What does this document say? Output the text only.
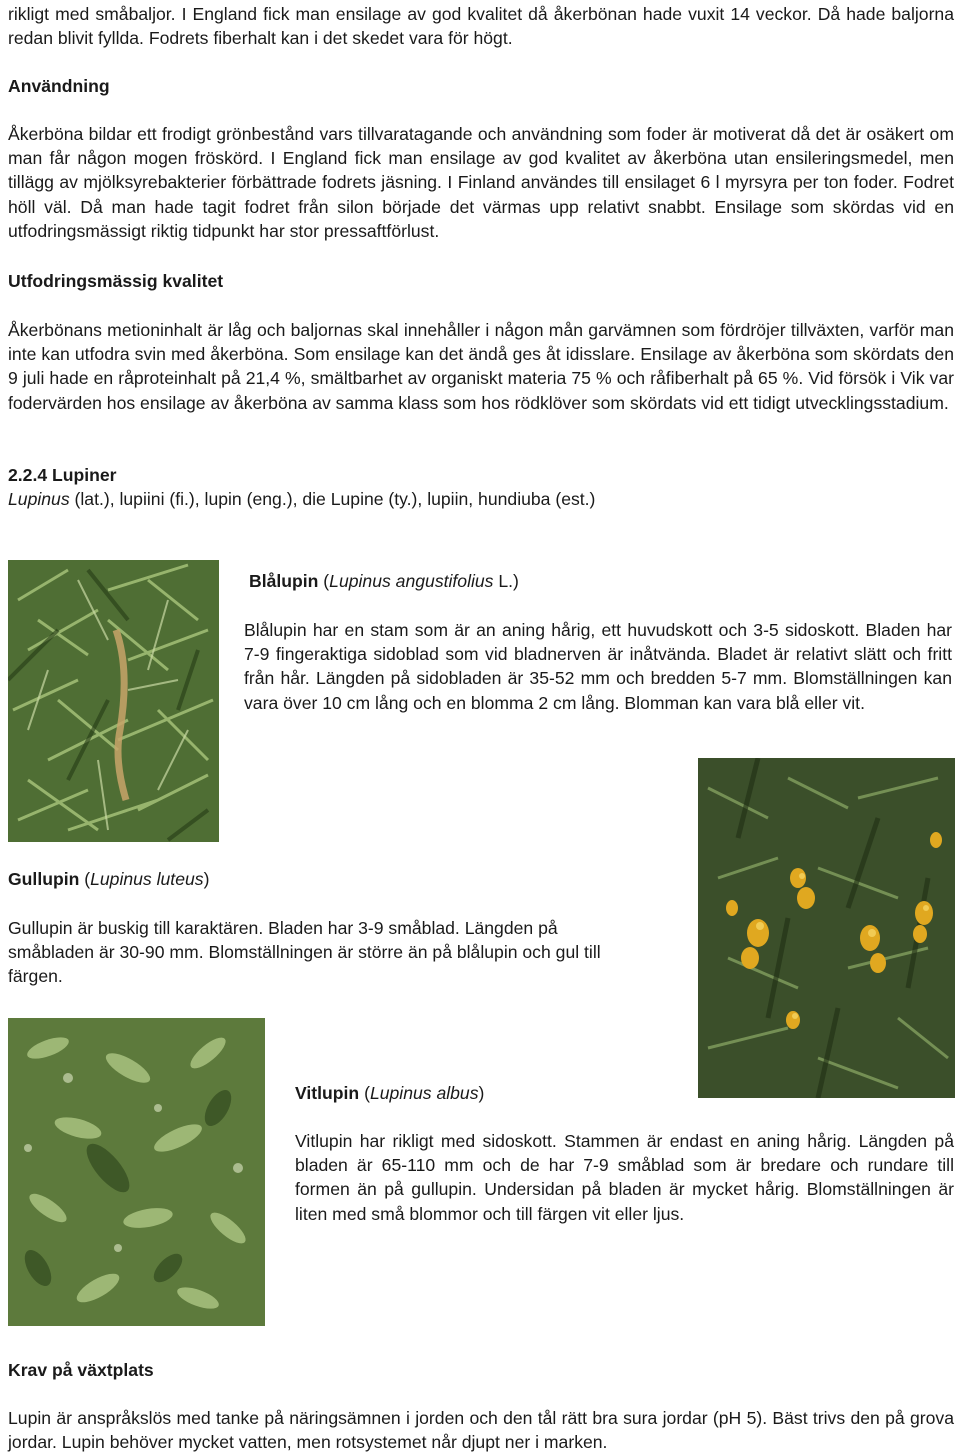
rikligt med småbaljor. I England fick man ensilage av god kvalitet då åkerbönan hade vuxit 14 veckor. Då hade baljorna redan blivit fyllda. Fodrets fiberhalt kan i det skedet vara för högt.

Användning

Åkerböna bildar ett frodigt grönbestånd vars tillvaratagande och användning som foder är motiverat då det är osäkert om man får någon mogen fröskörd. I England fick man ensilage av god kvalitet av åkerböna utan ensileringsmedel, men tillägg av mjölksyrebakterier förbättrade fodrets jäsning. I Finland användes till ensilaget 6 l myrsyra per ton foder. Fodret höll väl. Då man hade tagit fodret från silon började det värmas upp relativt snabbt. Ensilage som skördas vid en utfodringsmässigt riktig tidpunkt har stor pressaftförlust.

Utfodringsmässig kvalitet

Åkerbönans metioninhalt är låg och baljornas skal innehåller i någon mån garvämnen som fördröjer tillväxten, varför man inte kan utfodra svin med åkerböna. Som ensilage kan det ändå ges åt idisslare. Ensilage av åkerböna som skördats den 9 juli hade en råproteinhalt på 21,4 %, smältbarhet av organiskt materia 75 % och råfiberhalt på 65 %. Vid försök i Vik var fodervärden hos ensilage av åkerböna av samma klass som hos rödklöver som skördats vid ett tidigt utvecklingsstadium.

2.2.4 Lupiner

Lupinus (lat.), lupiini (fi.), lupin (eng.), die Lupine (ty.), lupiin, hundiuba (est.)

Blålupin (Lupinus angustifolius L.)

Blålupin har en stam som är an aning hårig, ett huvudskott och 3-5 sidoskott. Bladen har 7-9 fingeraktiga sidoblad som vid bladnerven är inåtvända. Bladet är relativt slätt och fritt från hår. Längden på sidobladen är 35-52 mm och bredden 5-7 mm. Blomställningen kan vara över 10 cm lång och en blomma 2 cm lång. Blomman kan vara blå eller vit.

Gullupin (Lupinus luteus)

Gullupin är buskig till karaktären. Bladen har 3-9 småblad. Längden på småbladen är 30-90 mm. Blomställningen är större än på blålupin och gul till färgen.

Vitlupin (Lupinus albus)

Vitlupin har rikligt med sidoskott. Stammen är endast en aning hårig. Längden på bladen är 65-110 mm och de har 7-9 småblad som är bredare och rundare till formen än på gullupin. Undersidan på bladen är mycket hårig. Blomställningen är liten med små blommor och till färgen vit eller ljus.

Krav på växtplats

Lupin är anspråkslös med tanke på näringsämnen i jorden och den tål rätt bra sura jordar (pH 5). Bäst trivs den på grova jordar. Lupin behöver mycket vatten, men rotsystemet når djupt ner i marken.
